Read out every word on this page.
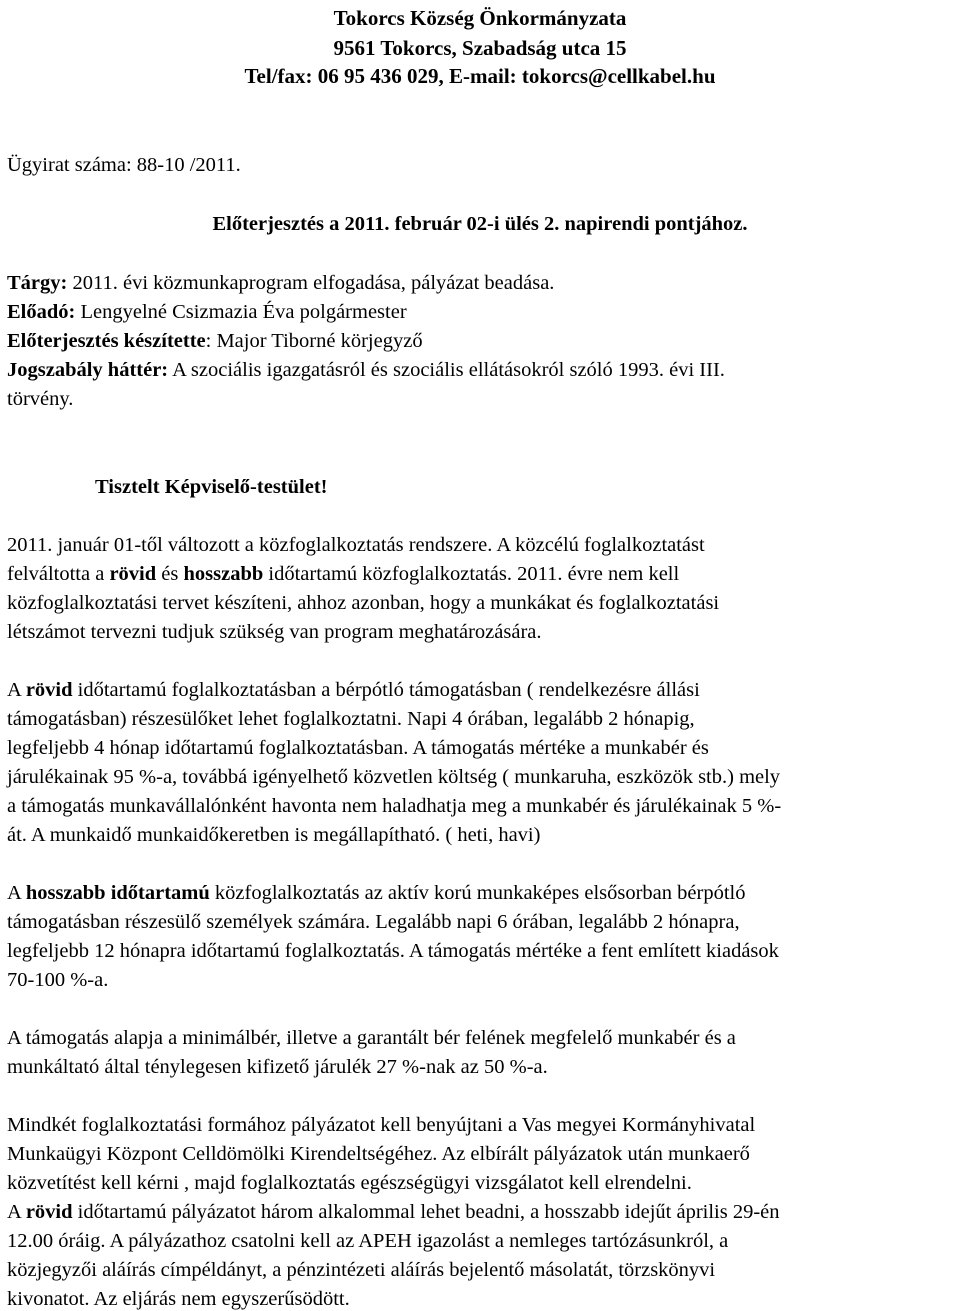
Tokorcs Község Önkormányzata
9561 Tokorcs, Szabadság utca 15
Tel/fax: 06 95 436 029, E-mail: tokorcs@cellkabel.hu
Ügyirat száma: 88-10 /2011.
Előterjesztés a 2011. február 02-i ülés 2. napirendi pontjához.
Tárgy: 2011. évi közmunkaprogram elfogadása, pályázat beadása.
Előadó: Lengyelné Csizmazia Éva polgármester
Előterjesztés készítette: Major Tiborné körjegyző
Jogszabály háttér: A szociális igazgatásról és szociális ellátásokról szóló 1993. évi III.
törvény.
Tisztelt Képviselő-testület!
2011. január 01-től változott a közfoglalkoztatás rendszere. A közcélú foglalkoztatást
felváltotta a rövid és hosszabb időtartamú közfoglalkoztatás. 2011. évre nem kell
közfoglalkoztatási tervet készíteni, ahhoz azonban, hogy a munkákat és foglalkoztatási
létszámot tervezni tudjuk szükség van program meghatározására.
A rövid időtartamú foglalkoztatásban a bérpótló támogatásban ( rendelkezésre állási
támogatásban) részesülőket lehet foglalkoztatni. Napi 4 órában, legalább 2 hónapig,
legfeljebb 4 hónap időtartamú foglalkoztatásban. A támogatás mértéke a munkabér és
járulékainak 95 %-a, továbbá igényelhető közvetlen költség ( munkaruha, eszközök stb.) mely
a támogatás munkavállalónként havonta nem haladhatja meg a munkabér és járulékainak 5 %-
át. A munkaidő munkaidőkeretben is megállapítható. ( heti, havi)
A hosszabb időtartamú közfoglalkoztatás az aktív korú munkaképes elsősorban bérpótló
támogatásban részesülő személyek számára. Legalább napi 6 órában, legalább 2 hónapra,
legfeljebb 12 hónapra időtartamú foglalkoztatás. A támogatás mértéke a fent említett kiadások
70-100 %-a.
A támogatás alapja a minimálbér, illetve a garantált bér felének megfelelő munkabér és a
munkáltató által ténylegesen kifizető járulék 27 %-nak az 50 %-a.
Mindkét foglalkoztatási formához pályázatot kell benyújtani a Vas megyei Kormányhivatal
Munkaügyi Központ Celldömölki Kirendeltségéhez. Az elbírált pályázatok után munkaerő
közvetítést kell kérni , majd foglalkoztatás egészségügyi vizsgálatot kell elrendelni.
A rövid időtartamú pályázatot három alkalommal lehet beadni, a hosszabb idejűt április 29-én
12.00 óráig. A pályázathoz csatolni kell az APEH igazolást a nemleges tartózásunkról, a
közjegyzői aláírás címpéldányt, a pénzintézeti aláírás bejelentő másolatát, törzskönyvi
kivonatot. Az eljárás nem egyszerűsödött.
